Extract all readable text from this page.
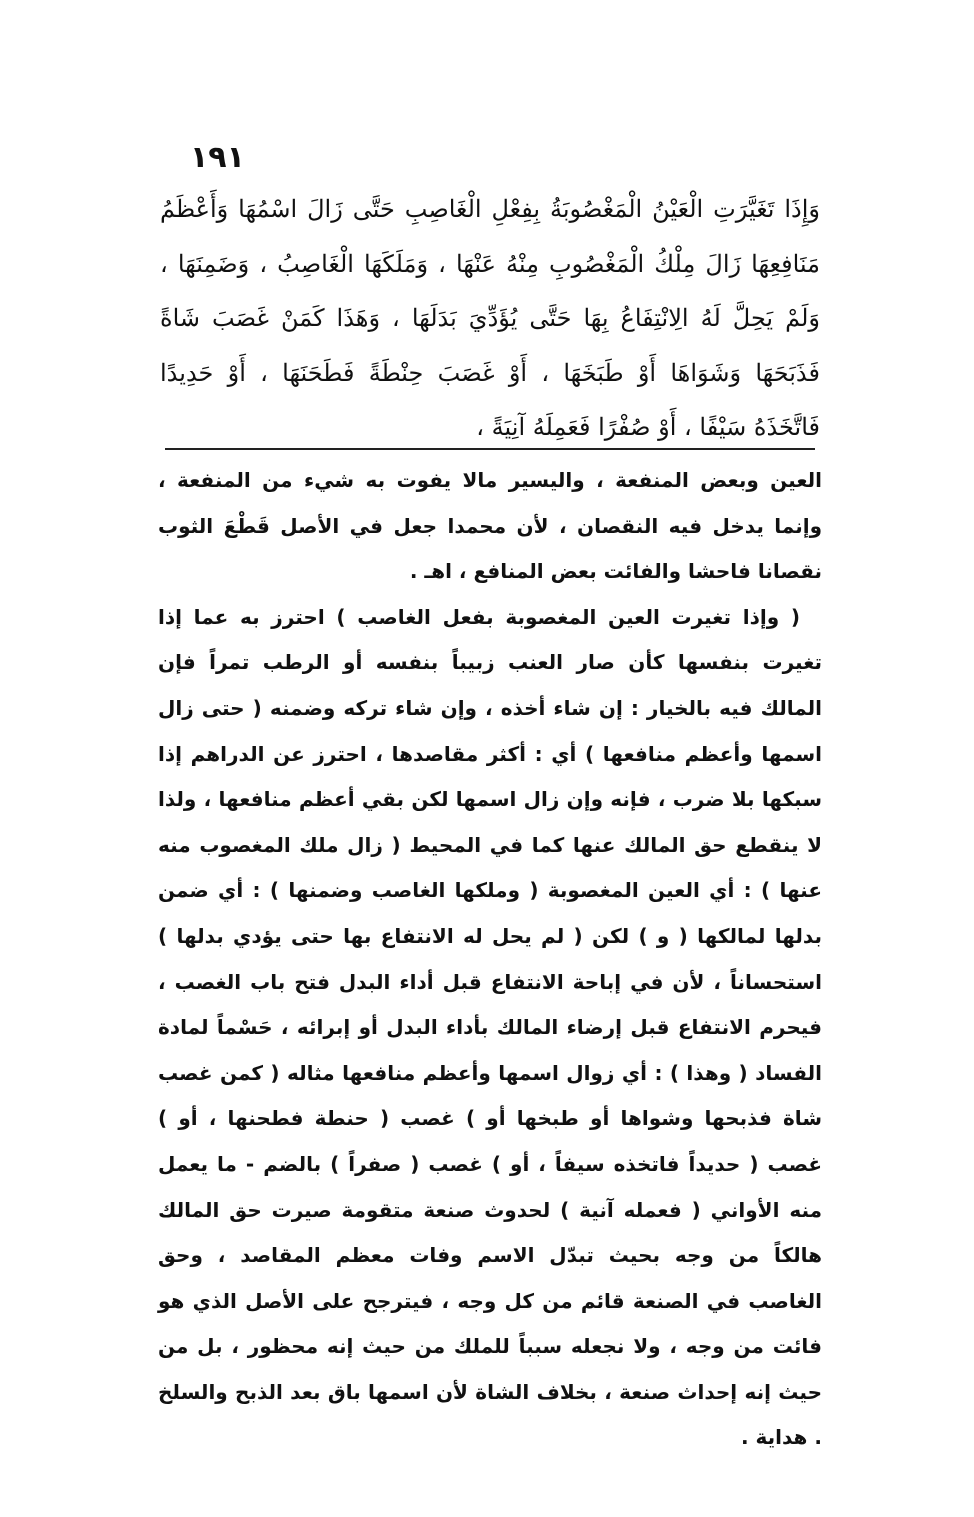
١٩١

وَإِذَا تَغَيَّرَتِ الْعَيْنُ الْمَغْصُوبَةُ بِفِعْلِ الْغَاصِبِ حَتَّى زَالَ اسْمُهَا وَأَعْظَمُ مَنَافِعِهَا زَالَ مِلْكُ الْمَغْصُوبِ مِنْهُ عَنْهَا ، وَمَلَكَهَا الْغَاصِبُ ، وَضَمِنَهَا ، وَلَمْ يَحِلَّ لَهُ الِانْتِفَاعُ بِهَا حَتَّى يُؤَدِّيَ بَدَلَهَا ، وَهَذَا كَمَنْ غَصَبَ شَاةً فَذَبَحَهَا وَشَوَاهَا أَوْ طَبَخَهَا ، أَوْ غَصَبَ حِنْطَةً فَطَحَنَهَا ، أَوْ حَدِيدًا فَاتَّخَذَهُ سَيْفًا ، أَوْ صُفْرًا فَعَمِلَهُ آنِيَةً ،

العين وبعض المنفعة ، واليسير مالا يفوت به شيء من المنفعة ، وإنما يدخل فيه النقصان ، لأن محمدا جعل في الأصل قَطْعَ الثوب نقصانا فاحشا والفائت بعض المنافع ، اهـ .

( وإذا تغيرت العين المغصوبة بفعل الغاصب ) احترز به عما إذا تغيرت بنفسها كأن صار العنب زبيباً بنفسه أو الرطب تمراً فإن المالك فيه بالخيار : إن شاء أخذه ، وإن شاء تركه وضمنه ( حتى زال اسمها وأعظم منافعها ) أي : أكثر مقاصدها ، احترز عن الدراهم إذا سبكها بلا ضرب ، فإنه وإن زال اسمها لكن بقي أعظم منافعها ، ولذا لا ينقطع حق المالك عنها كما في المحيط ( زال ملك المغصوب منه عنها ) : أي العين المغصوبة ( وملكها الغاصب وضمنها ) : أي ضمن بدلها لمالكها ( و ) لكن ( لم يحل له الانتفاع بها حتى يؤدي بدلها ) استحساناً ، لأن في إباحة الانتفاع قبل أداء البدل فتح باب الغصب ، فيحرم الانتفاع قبل إرضاء المالك بأداء البدل أو إبرائه ، حَسْماً لمادة الفساد ( وهذا ) : أي زوال اسمها وأعظم منافعها مثاله ( كمن غصب شاة فذبحها وشواها أو طبخها أو ) غصب ( حنطة فطحنها ، أو ) غصب ( حديداً فاتخذه سيفاً ، أو ) غصب ( صفراً ) بالضم - ما يعمل منه الأواني ( فعمله آنية ) لحدوث صنعة متقومة صيرت حق المالك هالكاً من وجه بحيث تبدّل الاسم وفات معظم المقاصد ، وحق الغاصب في الصنعة قائم من كل وجه ، فيترجح على الأصل الذي هو فائت من وجه ، ولا نجعله سبباً للملك من حيث إنه محظور ، بل من حيث إنه إحداث صنعة ، بخلاف الشاة لأن اسمها باق بعد الذبح والسلخ . هداية .
